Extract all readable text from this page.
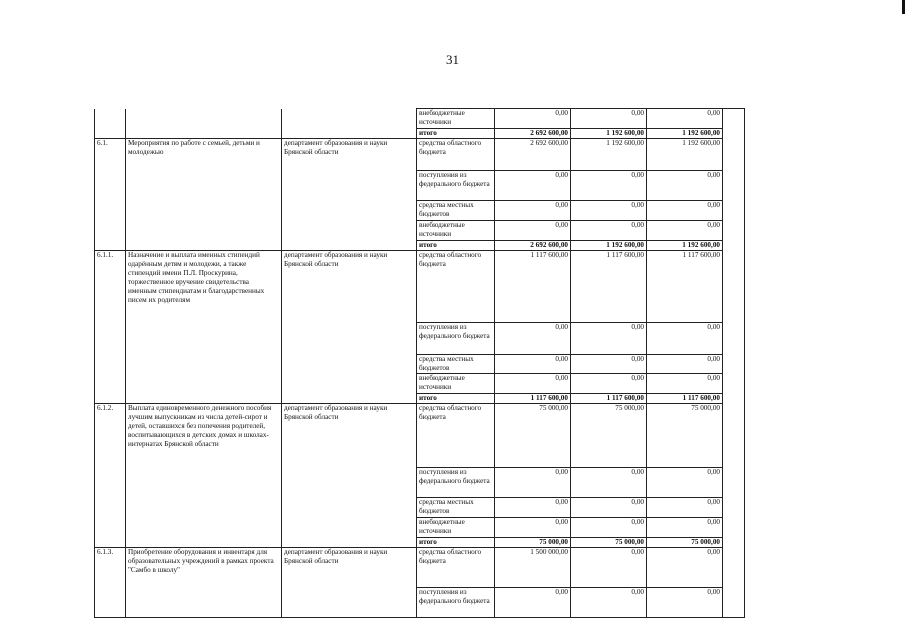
31
			внебюджетные источники	0,00	0,00	0,00	
			итого	2 692 600,00	1 192 600,00	1 192 600,00	
6.1.	Мероприятия по работе с семьей, детьми и молодежью	департамент образования и науки Брянской области	средства областного бюджета	2 692 600,00	1 192 600,00	1 192 600,00	
			поступления из федерального бюджета	0,00	0,00	0,00	
			средства местных бюджетов	0,00	0,00	0,00	
			внебюджетные источники	0,00	0,00	0,00	
			итого	2 692 600,00	1 192 600,00	1 192 600,00	
6.1.1.	Назначение и выплата именных стипендий одарённым детям и молодежи, а также стипендий имени П.Л. Проскурина, торжественное вручение свидетельства именным стипендиатам и благодарственных писем их родителям	департамент образования и науки Брянской области	средства областного бюджета	1 117 600,00	1 117 600,00	1 117 600,00	
			поступления из федерального бюджета	0,00	0,00	0,00	
			средства местных бюджетов	0,00	0,00	0,00	
			внебюджетные источники	0,00	0,00	0,00	
			итого	1 117 600,00	1 117 600,00	1 117 600,00	
6.1.2.	Выплата единовременного денежного пособия лучшим выпускникам из числа детей-сирот и детей, оставшихся без попечения родителей, воспитывающихся в детских домах и школах-интернатах Брянской области	департамент образования и науки Брянской области	средства областного бюджета	75 000,00	75 000,00	75 000,00	
			поступления из федерального бюджета	0,00	0,00	0,00	
			средства местных бюджетов	0,00	0,00	0,00	
			внебюджетные источники	0,00	0,00	0,00	
			итого	75 000,00	75 000,00	75 000,00	
6.1.3.	Приобретение оборудования и инвентаря для образовательных учреждений в рамках проекта "Самбо в школу"	департамент образования и науки Брянской области	средства областного бюджета	1 500 000,00	0,00	0,00	
			поступления из федерального бюджета	0,00	0,00	0,00	
